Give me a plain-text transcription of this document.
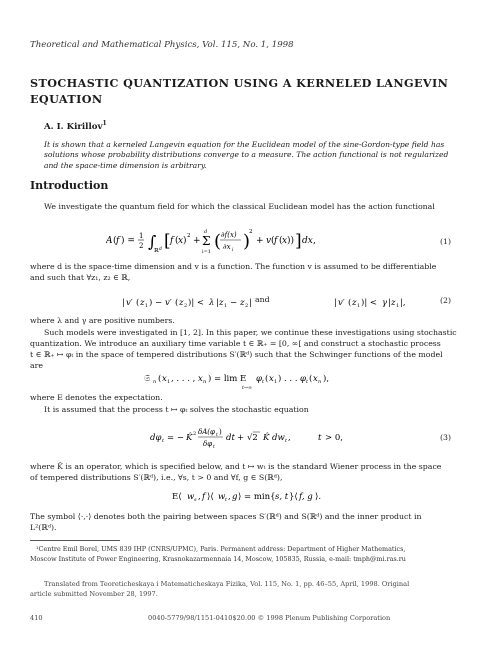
Theoretical and Mathematical Physics, Vol. 115, No. 1, 1998
STOCHASTIC QUANTIZATION USING A KERNELED LANGEVIN
EQUATION
A. I. Kirillov$^1$
It is shown that a kerneled Langevin equation for the Euclidean model of the sine-Gordon-type field has solutions whose probability distributions converge to a measure. The action functional is not regularized and the space-time dimension is arbitrary.
Introduction
We investigate the quantum field for which the classical Euclidean model has the action functional
A ( f ) = 1
2 ∫
ℝ d [ f ( x ) 2 +
d
Σ
i=1 ( ∂f(x)
∂x i )
2
+ v ( f ( x )) ] dx ,	(1)
where d is the space-time dimension and v is a function. The function v is assumed to be differentiable
and such that ∀z₁, z₂ ∈ ℝ,
| v′ ( z 1 ) − v′ ( z 2 )| < λ | z 1 − z 2 |	| v′ ( z 1 )| < γ | z 1 |,
and	(2)
where λ and γ are positive numbers.
Such models were investigated in [1, 2]. In this paper, we continue these investigations using stochastic
quantization. We introduce an auxiliary time variable t ∈ ℝ₊ = [0, ∞[ and construct a stochastic process
t ∈ ℝ₊ ↦ φₜ in the space of tempered distributions S′(ℝᵈ) such that the Schwinger functions of the model
are
𝔖 n ( x 1 , . . . , x n ) = lim E
t→∞
φ t ( x 1 ) . . . φ t ( x n ),
where E denotes the expectation.
It is assumed that the process t ↦ φₜ solves the stochastic equation
dφ t = − K̂ 2 δA(φ t )
δφ t
dt + √2 K̂ dw t ,	t > 0,	(3)
where K̂ is an operator, which is specified below, and t ↦ wₜ is the standard Wiener process in the space
of tempered distributions S′(ℝᵈ), i.e., ∀s, t > 0 and ∀f, g ∈ S(ℝᵈ),
E⟨ w s , f ⟩⟨ w t , g ⟩ = min{ s, t }⟨ f, g ⟩.
The symbol ⟨·,·⟩ denotes both the pairing between spaces S′(ℝᵈ) and S(ℝᵈ) and the inner product in
L²(ℝᵈ).
¹Centre Emil Borel, UMS 839 IHP (CNRS/UPMC), Paris. Permanent address: Department of Higher Mathematics,
Moscow Institute of Power Engineering, Krasnokazarmennaia 14, Moscow, 105835, Russia, e-mail: tmph@mi.ras.ru
Translated from Teoreticheskaya i Matematicheskaya Fizika, Vol. 115, No. 1, pp. 46–55, April, 1998. Original
article submitted November 28, 1997.
410	0040-5779/98/1151-0410$20.00 © 1998 Plenum Publishing Corporation
